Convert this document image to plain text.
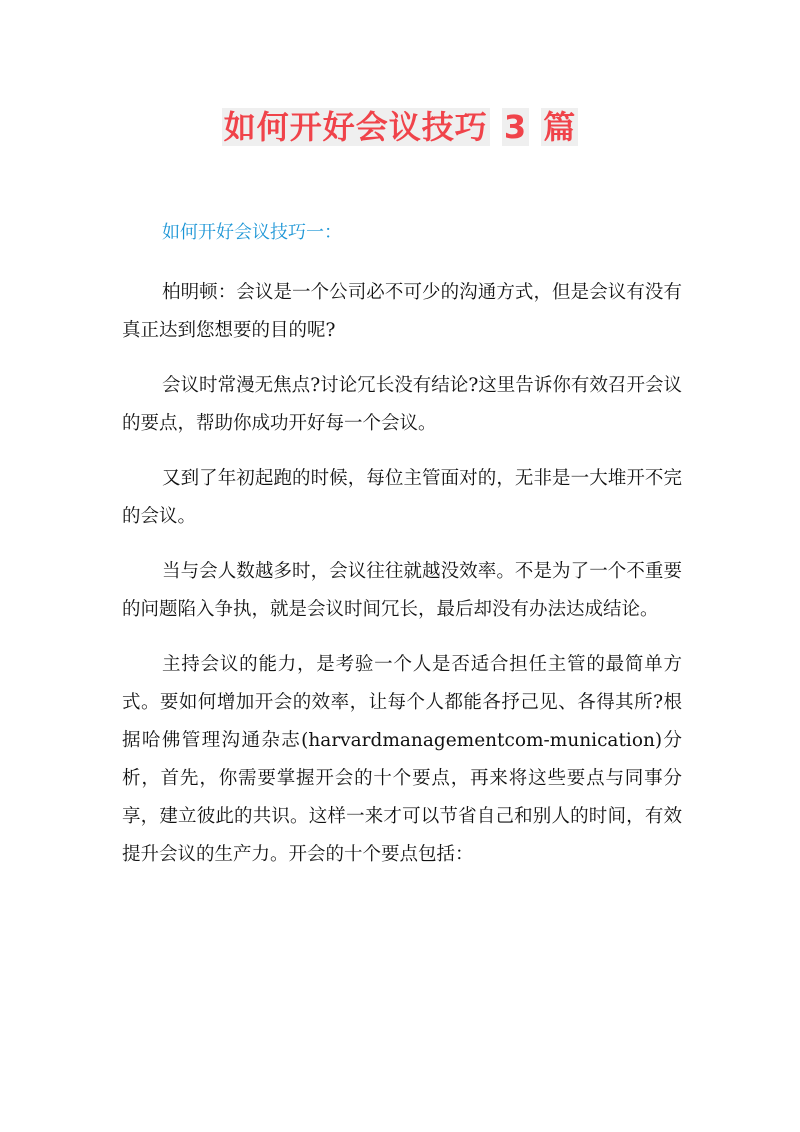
如何开好会议技巧 3 篇
如何开好会议技巧一：

柏明顿：会议是一个公司必不可少的沟通方式，但是会议有没有真正达到您想要的目的呢?

会议时常漫无焦点?讨论冗长没有结论?这里告诉你有效召开会议的要点，帮助你成功开好每一个会议。

又到了年初起跑的时候，每位主管面对的，无非是一大堆开不完的会议。

当与会人数越多时，会议往往就越没效率。不是为了一个不重要的问题陷入争执，就是会议时间冗长，最后却没有办法达成结论。

主持会议的能力，是考验一个人是否适合担任主管的最简单方式。要如何增加开会的效率，让每个人都能各抒己见、各得其所?根据哈佛管理沟通杂志(harvardmanagementcom-munication)分析，首先，你需要掌握开会的十个要点，再来将这些要点与同事分享，建立彼此的共识。这样一来才可以节省自己和别人的时间，有效提升会议的生产力。开会的十个要点包括：
